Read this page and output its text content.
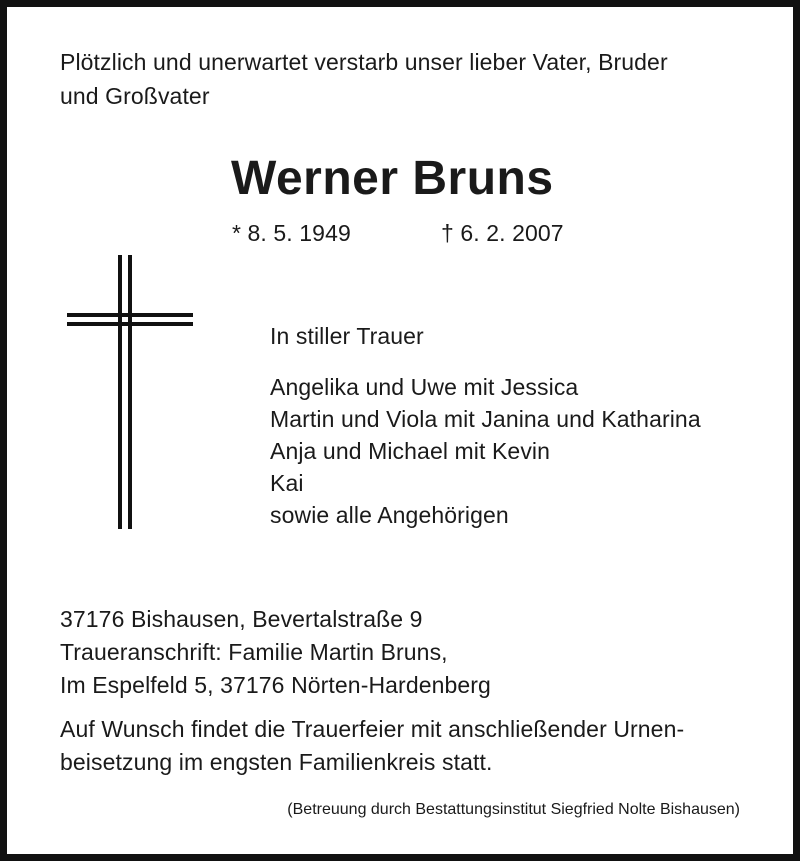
Plötzlich und unerwartet verstarb unser lieber Vater, Bruder

und Großvater

Werner Bruns

* 8. 5. 1949	† 6. 2. 2007

In stiller Trauer

Angelika und Uwe mit Jessica

Martin und Viola mit Janina und Katharina

Anja und Michael mit Kevin

Kai

sowie alle Angehörigen

37176 Bishausen, Bevertalstraße 9

Traueranschrift: Familie Martin Bruns,

Im Espelfeld 5, 37176 Nörten-Hardenberg

Auf Wunsch findet die Trauerfeier mit anschließender Urnen-

beisetzung im engsten Familienkreis statt.

(Betreuung durch Bestattungsinstitut Siegfried Nolte Bishausen)
